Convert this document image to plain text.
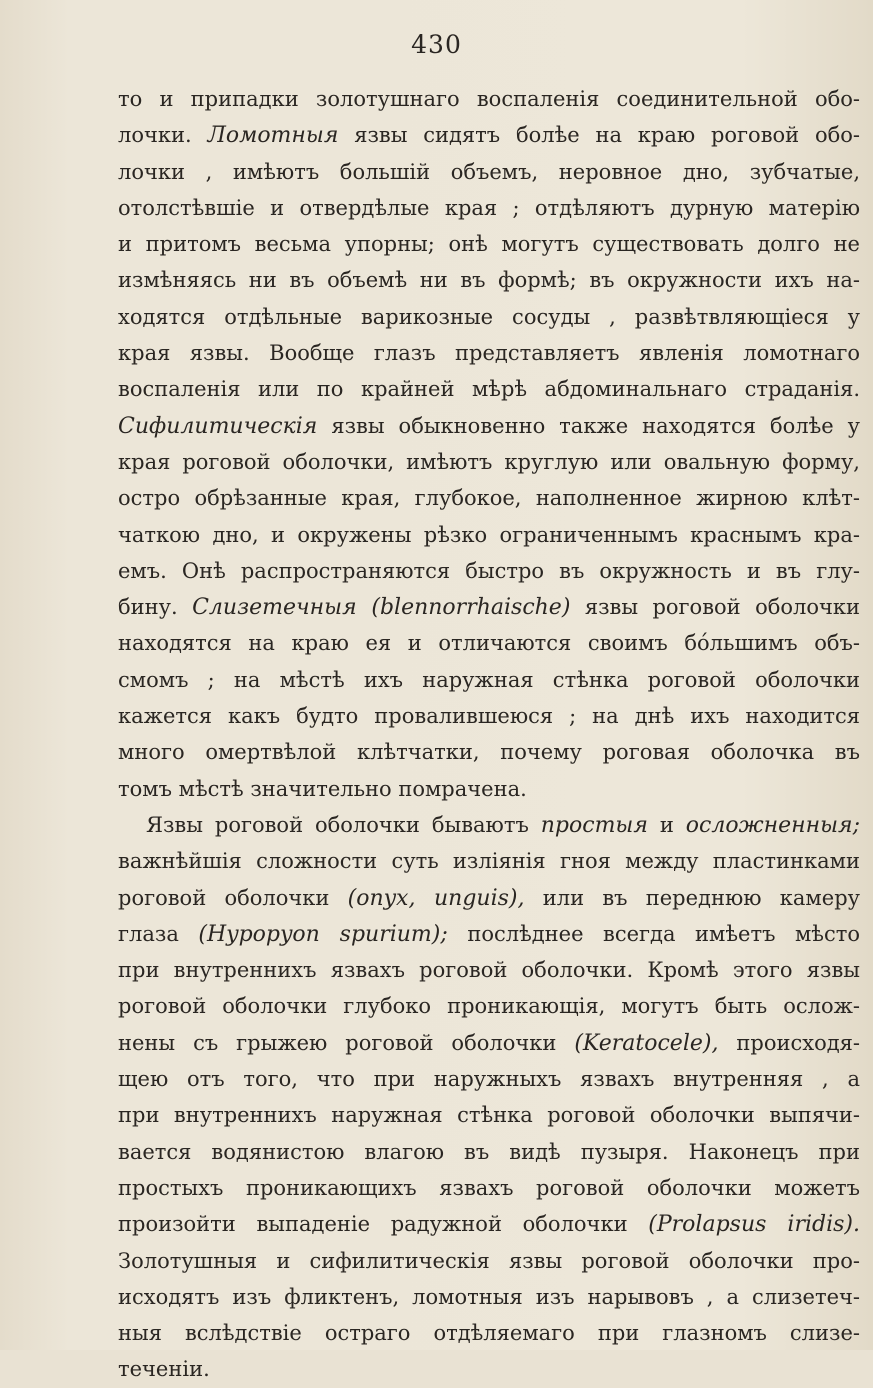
430
то и припадки золотушнаго воспаленія соединительной обо-
лочки. Ломотныя язвы сидятъ болѣе на краю роговой обо-
лочки , имѣютъ большій объемъ, неровное дно, зубчатые,
отолстѣвшіе и отвердѣлые края ; отдѣляютъ дурную матерію
и притомъ весьма упорны; онѣ могутъ существовать долго не
измѣняясь ни въ объемѣ ни въ формѣ; въ окружности ихъ на-
ходятся отдѣльные варикозные сосуды , развѣтвляющіеся у
края язвы. Вообще глазъ представляетъ явленія ломотнаго
воспаленія или по крайней мѣрѣ абдоминальнаго страданія.
Сифилитическія язвы обыкновенно также находятся болѣе у
края роговой оболочки, имѣютъ круглую или овальную форму,
остро обрѣзанные края, глубокое, наполненное жирною клѣт-
чаткою дно, и окружены рѣзко ограниченнымъ краснымъ кра-
емъ. Онѣ распространяются быстро въ окружность и въ глу-
бину. Слизетечныя (blennorrhaische) язвы роговой оболочки
находятся на краю ея и отличаются своимъ бо́льшимъ объ-
смомъ ; на мѣстѣ ихъ наружная стѣнка роговой оболочки
кажется какъ будто провалившеюся ; на днѣ ихъ находится
много омертвѣлой клѣтчатки, почему роговая оболочка въ
томъ мѣстѣ значительно помрачена.
Язвы роговой оболочки бываютъ простыя и осложненныя;
важнѣйшія сложности суть изліянія гноя между пластинками
роговой оболочки (onyx, unguis), или въ переднюю камеру
глаза (Hypopyon spurium); послѣднее всегда имѣетъ мѣсто
при внутреннихъ язвахъ роговой оболочки. Кромѣ этого язвы
роговой оболочки глубоко проникающія, могутъ быть ослож-
нены съ грыжею роговой оболочки (Keratocele), происходя-
щею отъ того, что при наружныхъ язвахъ внутренняя , а
при внутреннихъ наружная стѣнка роговой оболочки выпячи-
вается водянистою влагою въ видѣ пузыря. Наконецъ при
простыхъ проникающихъ язвахъ роговой оболочки можетъ
произойти выпаденіе радужной оболочки (Prolapsus iridis).
Золотушныя и сифилитическія язвы роговой оболочки про-
исходятъ изъ фликтенъ, ломотныя изъ нарывовъ , а слизетеч-
ныя вслѣдствіе остраго отдѣляемаго при глазномъ слизе-
теченіи.
